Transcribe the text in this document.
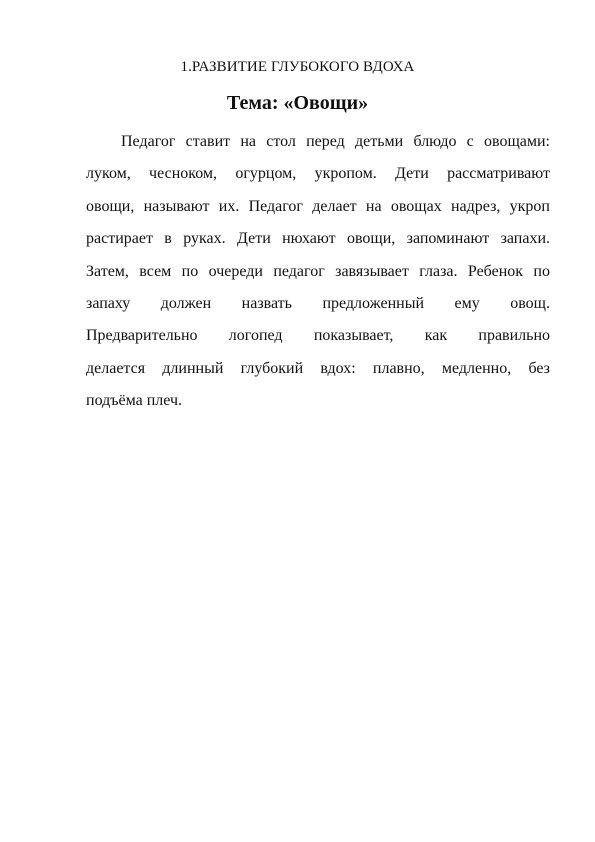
1.РАЗВИТИЕ ГЛУБОКОГО ВДОХА
Тема: «Овощи»
Педагог ставит на стол перед детьми блюдо с овощами:
луком, чесноком, огурцом, укропом. Дети рассматривают
овощи, называют их. Педагог делает на овощах надрез, укроп
растирает в руках. Дети нюхают овощи, запоминают запахи.
Затем, всем по очереди педагог завязывает глаза. Ребенок по
запаху должен назвать предложенный ему овощ.
Предварительно логопед показывает, как правильно
делается длинный глубокий вдох: плавно, медленно, без
подъёма плеч.
